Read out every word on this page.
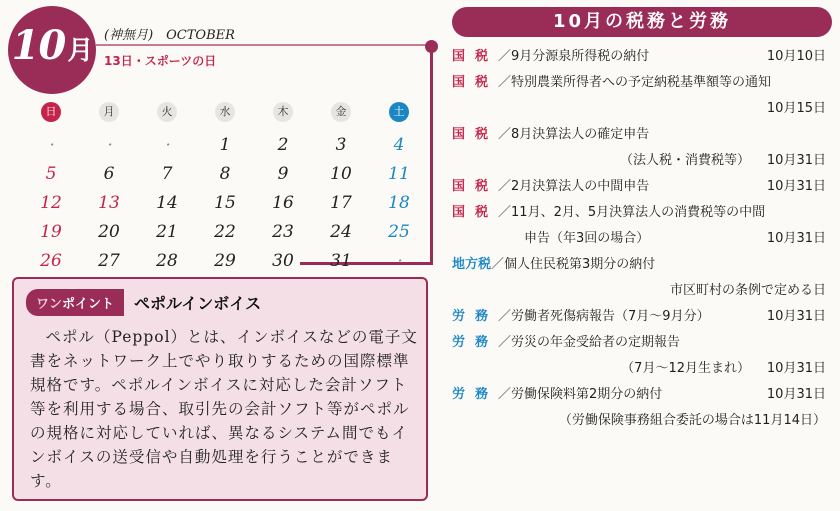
10月
(神無月)　OCTOBER
13日・スポーツの日
日	月	火	水	木	金	土
・	・	・	1	2	3	4
5	6	7	8	9	10	11
12	13	14	15	16	17	18
19	20	21	22	23	24	25
26	27	28	29	30	31	・
ワンポイント	ペポルインボイス
ペポル（Peppol）とは、インボイスなどの電子文書をネットワーク上でやり取りするための国際標準規格です。ペポルインボイスに対応した会計ソフト等を利用する場合、取引先の会計ソフト等がペポルの規格に対応していれば、異なるシステム間でもインボイスの送受信や自動処理を行うことができます。
10月の税務と労務
国税／9月分源泉所得税の納付	10月10日
国税／特別農業所得者への予定納税基準額等の通知
10月15日
国税／8月決算法人の確定申告
（法人税・消費税等） 10月31日
国税／2月決算法人の中間申告	10月31日
国税／11月、2月、5月決算法人の消費税等の中間
申告（年3回の場合）	10月31日
地方税／個人住民税第3期分の納付
市区町村の条例で定める日
労務／労働者死傷病報告（7月～9月分）	10月31日
労務／労災の年金受給者の定期報告
（7月～12月生まれ） 10月31日
労務／労働保険料第2期分の納付	10月31日
（労働保険事務組合委託の場合は11月14日）
